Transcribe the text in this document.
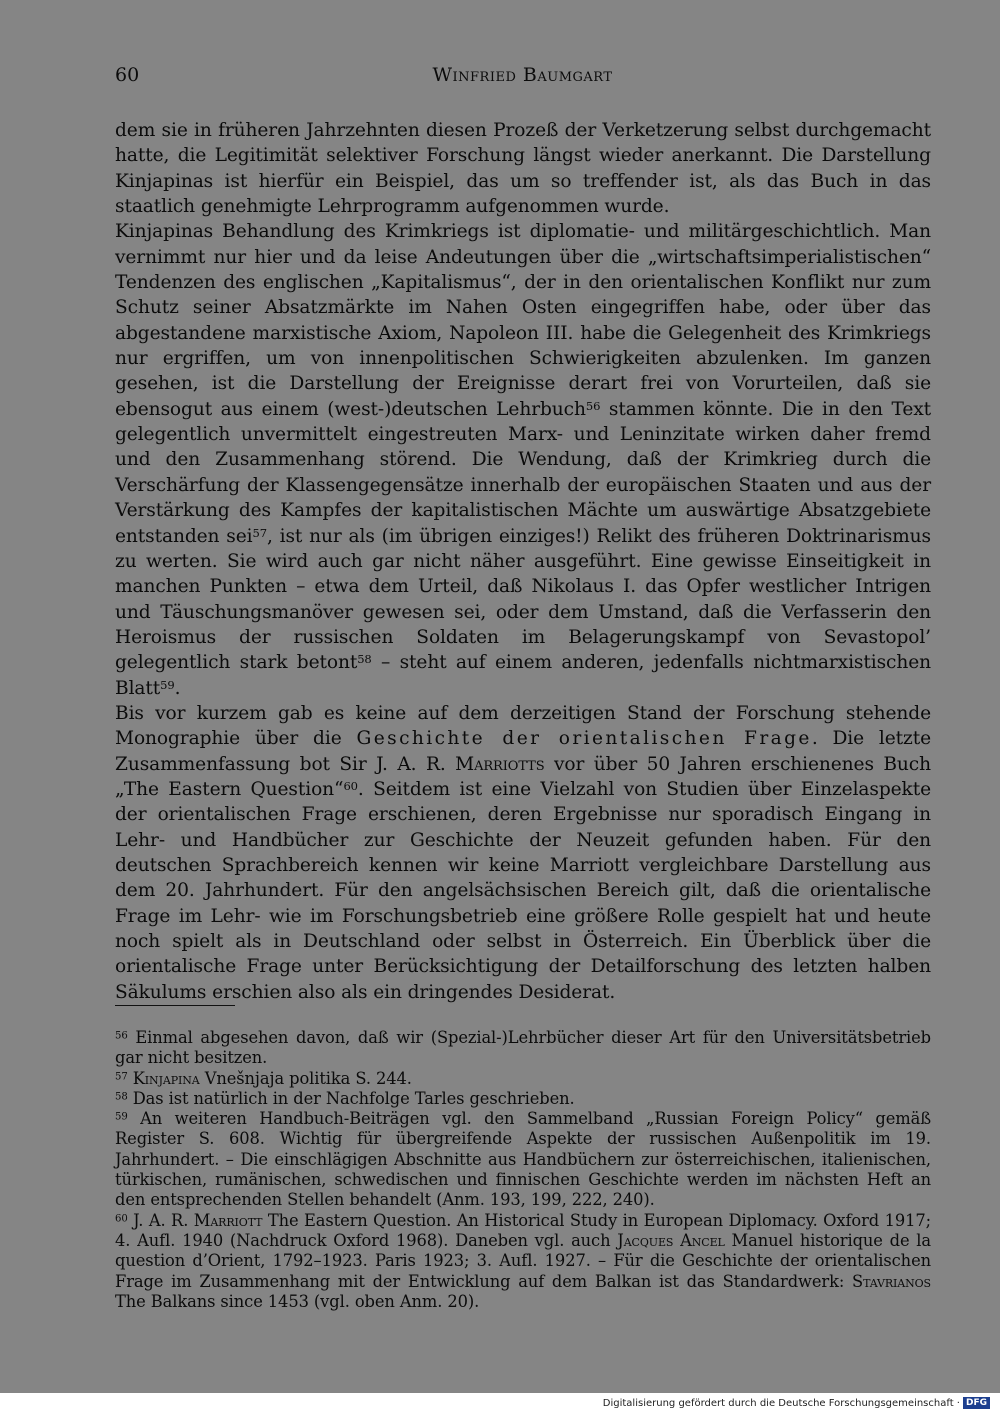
60	Winfried Baumgart

dem sie in früheren Jahrzehnten diesen Prozeß der Verketzerung selbst durchgemacht hatte, die Legitimität selektiver Forschung längst wieder anerkannt. Die Darstellung Kinjapinas ist hierfür ein Beispiel, das um so treffender ist, als das Buch in das staatlich genehmigte Lehrprogramm aufgenommen wurde.

Kinjapinas Behandlung des Krimkriegs ist diplomatie- und militärgeschichtlich. Man vernimmt nur hier und da leise Andeutungen über die „wirtschaftsimperialistischen“ Tendenzen des englischen „Kapitalismus“, der in den orientalischen Konflikt nur zum Schutz seiner Absatzmärkte im Nahen Osten eingegriffen habe, oder über das abgestandene marxistische Axiom, Napoleon III. habe die Gelegenheit des Krimkriegs nur ergriffen, um von innenpolitischen Schwierigkeiten abzulenken. Im ganzen gesehen, ist die Darstellung der Ereignisse derart frei von Vorurteilen, daß sie ebensogut aus einem (west-)deutschen Lehrbuch$^{56}$ stammen könnte. Die in den Text gelegentlich unvermittelt eingestreuten Marx- und Leninzitate wirken daher fremd und den Zusammenhang störend. Die Wendung, daß der Krimkrieg durch die Verschärfung der Klassengegensätze innerhalb der europäischen Staaten und aus der Verstärkung des Kampfes der kapitalistischen Mächte um auswärtige Absatzgebiete entstanden sei$^{57}$, ist nur als (im übrigen einziges!) Relikt des früheren Doktrinarismus zu werten. Sie wird auch gar nicht näher ausgeführt. Eine gewisse Einseitigkeit in manchen Punkten – etwa dem Urteil, daß Nikolaus I. das Opfer westlicher Intrigen und Täuschungsmanöver gewesen sei, oder dem Umstand, daß die Verfasserin den Heroismus der russischen Soldaten im Belagerungskampf von Sevastopol’ gelegentlich stark betont$^{58}$ – steht auf einem anderen, jedenfalls nichtmarxistischen Blatt$^{59}$.

Bis vor kurzem gab es keine auf dem derzeitigen Stand der Forschung stehende Monographie über die Geschichte der orientalischen Frage. Die letzte Zusammenfassung bot Sir J. A. R. Marriotts vor über 50 Jahren erschienenes Buch „The Eastern Question“$^{60}$. Seitdem ist eine Vielzahl von Studien über Einzelaspekte der orientalischen Frage erschienen, deren Ergebnisse nur sporadisch Eingang in Lehr- und Handbücher zur Geschichte der Neuzeit gefunden haben. Für den deutschen Sprachbereich kennen wir keine Marriott vergleichbare Darstellung aus dem 20. Jahrhundert. Für den angelsächsischen Bereich gilt, daß die orientalische Frage im Lehr- wie im Forschungsbetrieb eine größere Rolle gespielt hat und heute noch spielt als in Deutschland oder selbst in Österreich. Ein Überblick über die orientalische Frage unter Berücksichtigung der Detailforschung des letzten halben Säkulums erschien also als ein dringendes Desiderat.

$^{56}$ Einmal abgesehen davon, daß wir (Spezial-)Lehrbücher dieser Art für den Universitätsbetrieb gar nicht besitzen.

$^{57}$ Kinjapina Vnešnjaja politika S. 244.

$^{58}$ Das ist natürlich in der Nachfolge Tarles geschrieben.

$^{59}$ An weiteren Handbuch-Beiträgen vgl. den Sammelband „Russian Foreign Policy“ gemäß Register S. 608. Wichtig für übergreifende Aspekte der russischen Außenpolitik im 19. Jahrhundert. – Die einschlägigen Abschnitte aus Handbüchern zur österreichischen, italienischen, türkischen, rumänischen, schwedischen und finnischen Geschichte werden im nächsten Heft an den entsprechenden Stellen behandelt (Anm. 193, 199, 222, 240).

$^{60}$ J. A. R. Marriott The Eastern Question. An Historical Study in European Diplomacy. Oxford 1917; 4. Aufl. 1940 (Nachdruck Oxford 1968). Daneben vgl. auch Jacques Ancel Manuel historique de la question d’Orient, 1792–1923. Paris 1923; 3. Aufl. 1927. – Für die Geschichte der orientalischen Frage im Zusammenhang mit der Entwicklung auf dem Balkan ist das Standardwerk: Stavrianos The Balkans since 1453 (vgl. oben Anm. 20).

Digitalisierung gefördert durch die Deutsche Forschungsgemeinschaft · DFG
